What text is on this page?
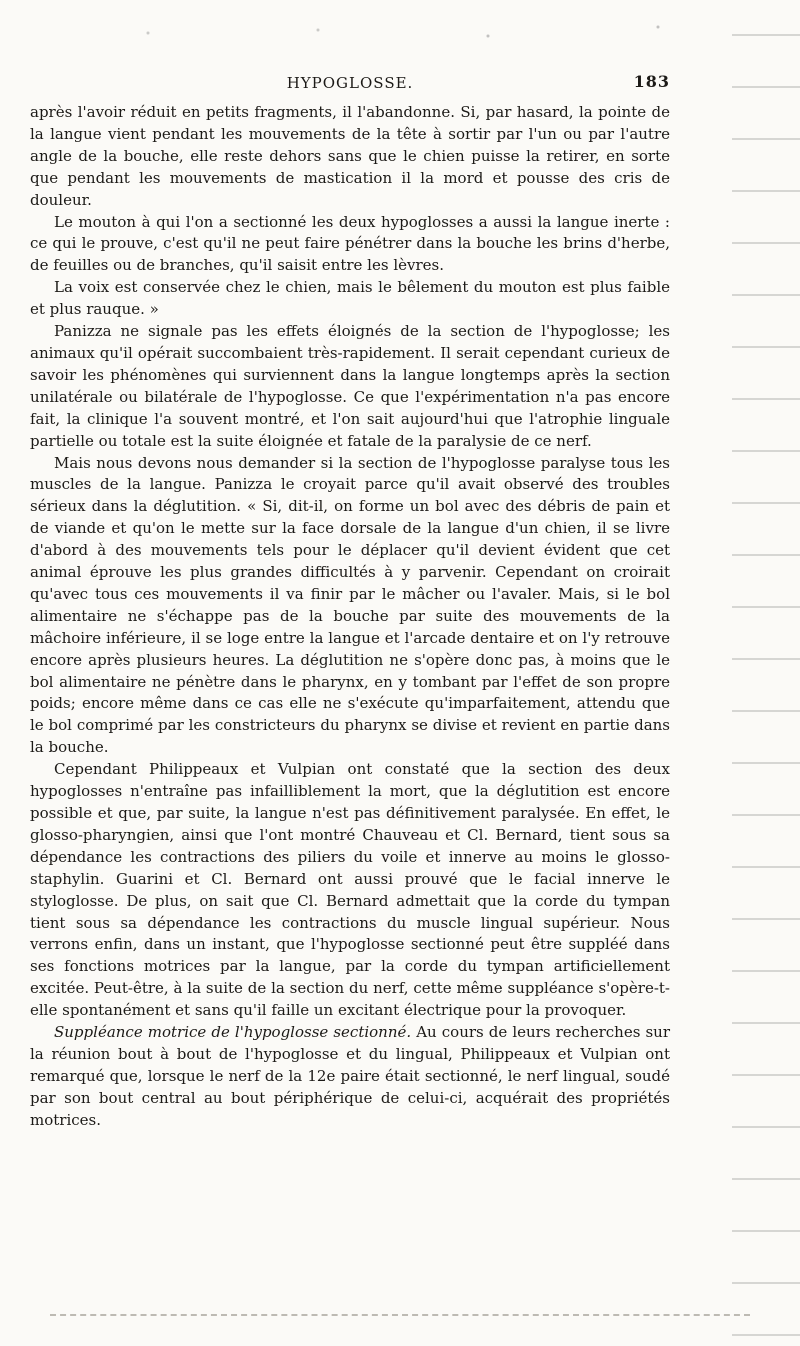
HYPOGLOSSE.	183

après l'avoir réduit en petits fragments, il l'abandonne. Si, par hasard, la pointe de la langue vient pendant les mouvements de la tête à sortir par l'un ou par l'autre angle de la bouche, elle reste dehors sans que le chien puisse la retirer, en sorte que pendant les mouvements de mastication il la mord et pousse des cris de douleur.

Le mouton à qui l'on a sectionné les deux hypoglosses a aussi la langue inerte : ce qui le prouve, c'est qu'il ne peut faire pénétrer dans la bouche les brins d'herbe, de feuilles ou de branches, qu'il saisit entre les lèvres.

La voix est conservée chez le chien, mais le bêlement du mouton est plus faible et plus rauque. »

Panizza ne signale pas les effets éloignés de la section de l'hypoglosse; les animaux qu'il opérait succombaient très-rapidement. Il serait cependant curieux de savoir les phénomènes qui surviennent dans la langue longtemps après la section unilatérale ou bilatérale de l'hypoglosse. Ce que l'expérimentation n'a pas encore fait, la clinique l'a souvent montré, et l'on sait aujourd'hui que l'atrophie linguale partielle ou totale est la suite éloignée et fatale de la paralysie de ce nerf.

Mais nous devons nous demander si la section de l'hypoglosse paralyse tous les muscles de la langue. Panizza le croyait parce qu'il avait observé des troubles sérieux dans la déglutition. « Si, dit-il, on forme un bol avec des débris de pain et de viande et qu'on le mette sur la face dorsale de la langue d'un chien, il se livre d'abord à des mouvements tels pour le déplacer qu'il devient évident que cet animal éprouve les plus grandes difficultés à y parvenir. Cependant on croirait qu'avec tous ces mouvements il va finir par le mâcher ou l'avaler. Mais, si le bol alimentaire ne s'échappe pas de la bouche par suite des mouvements de la mâchoire inférieure, il se loge entre la langue et l'arcade dentaire et on l'y retrouve encore après plusieurs heures. La déglutition ne s'opère donc pas, à moins que le bol alimentaire ne pénètre dans le pharynx, en y tombant par l'effet de son propre poids; encore même dans ce cas elle ne s'exécute qu'imparfaitement, attendu que le bol comprimé par les constricteurs du pharynx se divise et revient en partie dans la bouche.

Cependant Philippeaux et Vulpian ont constaté que la section des deux hypoglosses n'entraîne pas infailliblement la mort, que la déglutition est encore possible et que, par suite, la langue n'est pas définitivement paralysée. En effet, le glosso-pharyngien, ainsi que l'ont montré Chauveau et Cl. Bernard, tient sous sa dépendance les contractions des piliers du voile et innerve au moins le glosso-staphylin. Guarini et Cl. Bernard ont aussi prouvé que le facial innerve le styloglosse. De plus, on sait que Cl. Bernard admettait que la corde du tympan tient sous sa dépendance les contractions du muscle lingual supérieur. Nous verrons enfin, dans un instant, que l'hypoglosse sectionné peut être suppléé dans ses fonctions motrices par la langue, par la corde du tympan artificiellement excitée. Peut-être, à la suite de la section du nerf, cette même suppléance s'opère-t-elle spontanément et sans qu'il faille un excitant électrique pour la provoquer.

Suppléance motrice de l'hypoglosse sectionné. Au cours de leurs recherches sur la réunion bout à bout de l'hypoglosse et du lingual, Philippeaux et Vulpian ont remarqué que, lorsque le nerf de la 12e paire était sectionné, le nerf lingual, soudé par son bout central au bout périphérique de celui-ci, acquérait des propriétés motrices.
